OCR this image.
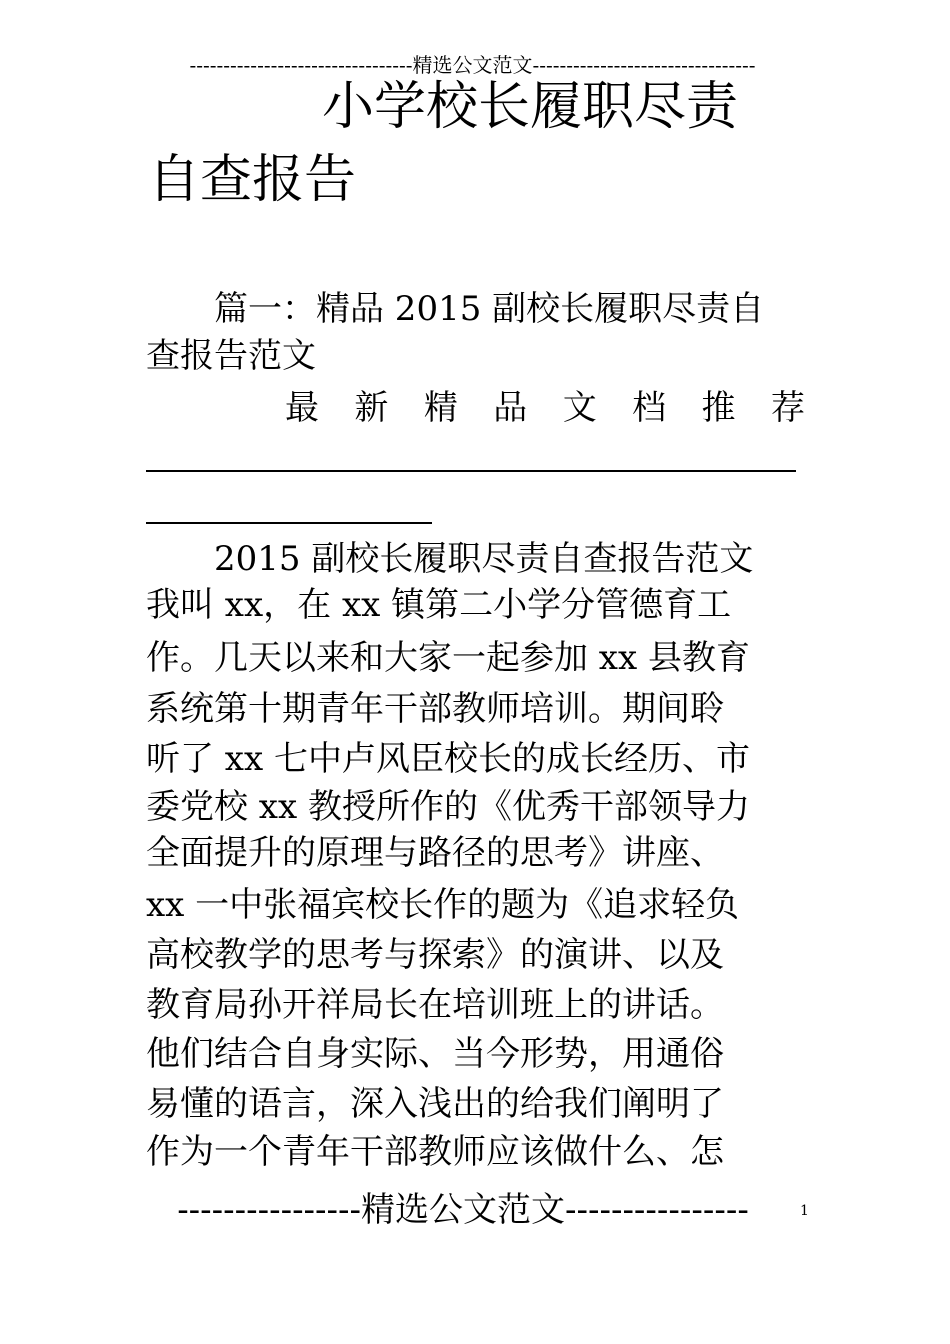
---------------------------------精选公文范文---------------------------------
小学校长履职尽责
自查报告
　　篇一：精品 2015 副校长履职尽责自
查报告范文
最 新 精 品 文 档 推 荐
　　2015 副校长履职尽责自查报告范文
我叫 xx，在 xx 镇第二小学分管德育工
作。几天以来和大家一起参加 xx 县教育
系统第十期青年干部教师培训。期间聆
听了 xx 七中卢风臣校长的成长经历、市
委党校 xx 教授所作的《优秀干部领导力
全面提升的原理与路径的思考》讲座、
xx 一中张福宾校长作的题为《追求轻负
高校教学的思考与探索》的演讲、以及
教育局孙开祥局长在培训班上的讲话。
他们结合自身实际、当今形势，用通俗
易懂的语言，深入浅出的给我们阐明了
作为一个青年干部教师应该做什么、怎
----------------精选公文范文----------------	1
